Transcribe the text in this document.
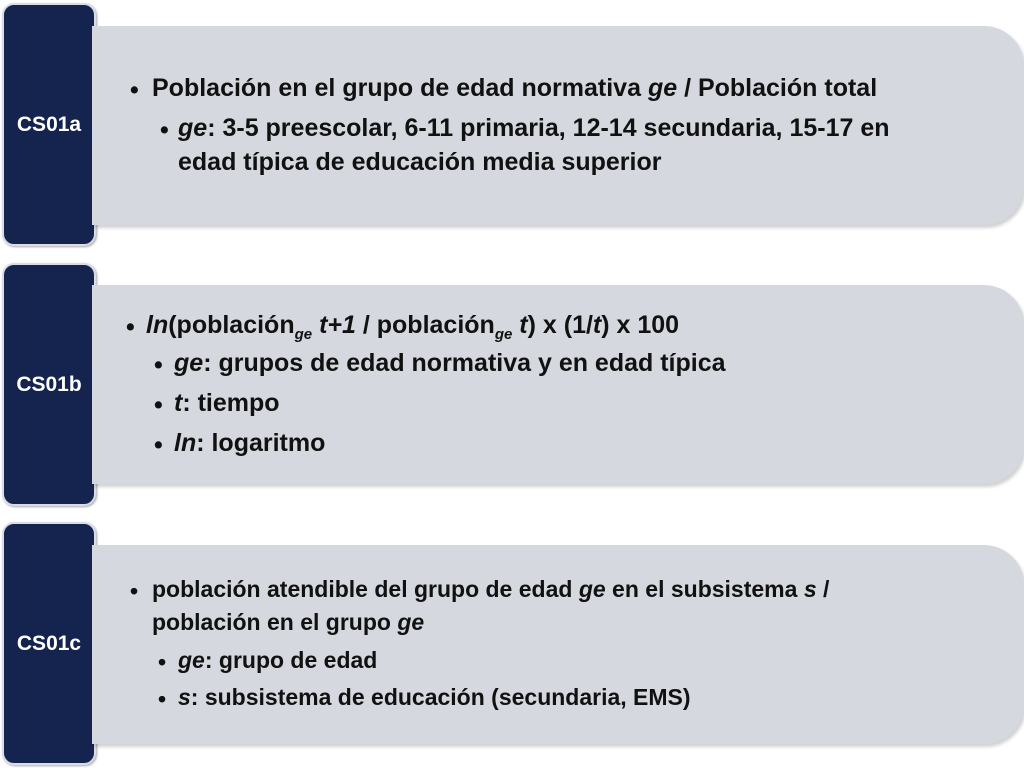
CS01a
• Población en el grupo de edad normativa ge / Población total
• ge: 3-5 preescolar, 6-11 primaria, 12-14 secundaria, 15-17 en
edad típica de educación media superior
CS01b
• ln(población$_{ge}$ t+1 / población$_{ge}$ t) x (1/t) x 100
• ge: grupos de edad normativa y en edad típica
• t: tiempo
• ln: logaritmo
CS01c
• población atendible del grupo de edad ge en el subsistema s /
población en el grupo ge
• ge: grupo de edad
• s: subsistema de educación (secundaria, EMS)
